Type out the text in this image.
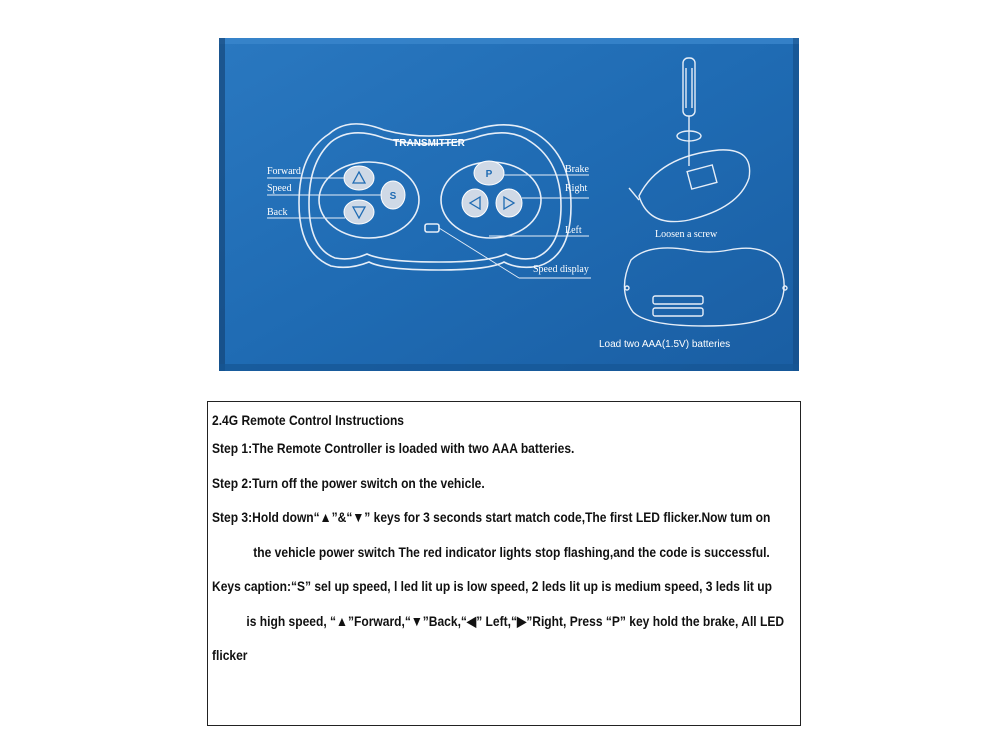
TRANSMITTER
S
P
Forward
Speed
Back
Brake
Right
Left
Speed display
Loosen a screw
Load two AAA(1.5V) batteries
2.4G Remote Control Instructions
Step 1:The Remote Controller is loaded with two AAA batteries.
Step 2:Turn off the power switch on the vehicle.
Step 3:Hold down“▲”&“▼” keys for 3 seconds start match code,The first LED flicker.Now tum on
the vehicle power switch The red indicator lights stop flashing,and the code is successful.
Keys caption:“S” sel up speed, l led lit up is low speed, 2 leds lit up is medium speed, 3 leds lit up
is high speed, “▲”Forward,“▼”Back,“◀” Left,“▶”Right, Press “P” key hold the brake, All LED
flicker
